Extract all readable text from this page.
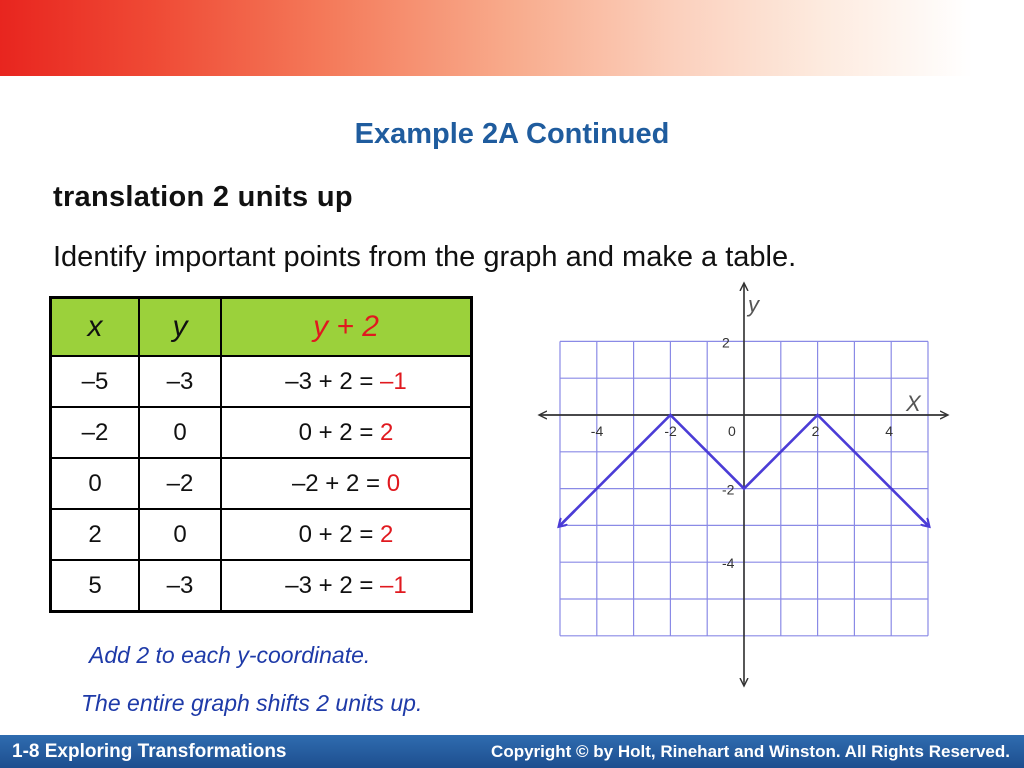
Example 2A Continued
translation 2 units up
Identify important points from the graph and make a table.
x	y	y + 2
–5	–3	–3 + 2 = –1
–2	0	0 + 2 = 2
0	–2	–2 + 2 = 0
2	0	0 + 2 = 2
5	–3	–3 + 2 = –1
-4	-2	0	2	4
2
-2
-4
X
y
Add 2 to each y-coordinate.
The entire graph shifts 2 units up.
1-8 Exploring Transformations	Copyright © by Holt, Rinehart and Winston. All Rights Reserved.
